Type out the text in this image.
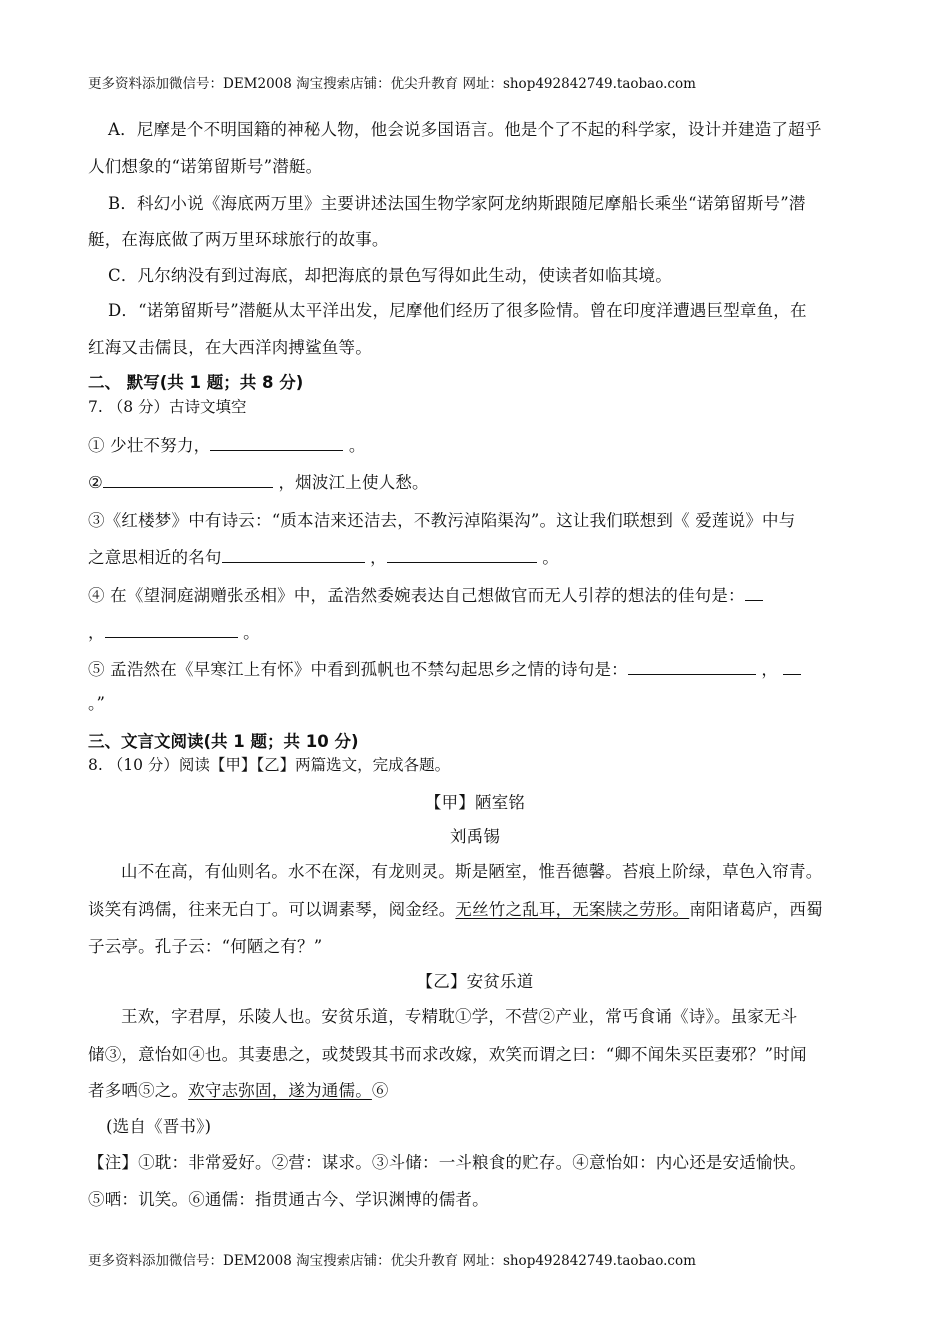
更多资料添加微信号：DEM2008 淘宝搜索店铺：优尖升教育 网址：shop492842749.taobao.com
A．尼摩是个不明国籍的神秘人物，他会说多国语言。他是个了不起的科学家，设计并建造了超乎
人们想象的“诺第留斯号”潜艇。
B．科幻小说《海底两万里》主要讲述法国生物学家阿龙纳斯跟随尼摩船长乘坐“诺第留斯号”潜
艇，在海底做了两万里环球旅行的故事。
C．凡尔纳没有到过海底，却把海底的景色写得如此生动，使读者如临其境。
D．“诺第留斯号”潜艇从太平洋出发，尼摩他们经历了很多险情。曾在印度洋遭遇巨型章鱼，在
红海又击儒艮，在大西洋肉搏鲨鱼等。
二、 默写(共 1 题；共 8 分)
7. （8 分）古诗文填空
① 少壮不努力，	。
②	，烟波江上使人愁。
③《红楼梦》中有诗云：“质本洁来还洁去，不教污淖陷渠沟”。这让我们联想到《 爱莲说》中与
之意思相近的名句	，	。
④ 在《望洞庭湖赠张丞相》中，孟浩然委婉表达自己想做官而无人引荐的想法的佳句是：
，	。
⑤ 孟浩然在《早寒江上有怀》中看到孤帆也不禁勾起思乡之情的诗句是：	，
。”
三、文言文阅读(共 1 题；共 10 分)
8. （10 分）阅读【甲】【乙】两篇选文，完成各题。
【甲】陋室铭
刘禹锡
山不在高，有仙则名。水不在深，有龙则灵。斯是陋室，惟吾德馨。苔痕上阶绿，草色入帘青。
谈笑有鸿儒，往来无白丁。可以调素琴，阅金经。无丝竹之乱耳，无案牍之劳形。南阳诸葛庐，西蜀
子云亭。孔子云：“何陋之有？”
【乙】安贫乐道
王欢，字君厚，乐陵人也。安贫乐道，专精耽①学，不营②产业，常丐食诵《诗》。虽家无斗
储③，意怡如④也。其妻患之，或焚毁其书而求改嫁，欢笑而谓之曰：“卿不闻朱买臣妻邪？”时闻
者多哂⑤之。欢守志弥固，遂为通儒。⑥
(选自《晋书》)
【注】①耽：非常爱好。②营：谋求。③斗储：一斗粮食的贮存。④意怡如：内心还是安适愉快。
⑤哂：讥笑。⑥通儒：指贯通古今、学识渊博的儒者。
更多资料添加微信号：DEM2008 淘宝搜索店铺：优尖升教育 网址：shop492842749.taobao.com
